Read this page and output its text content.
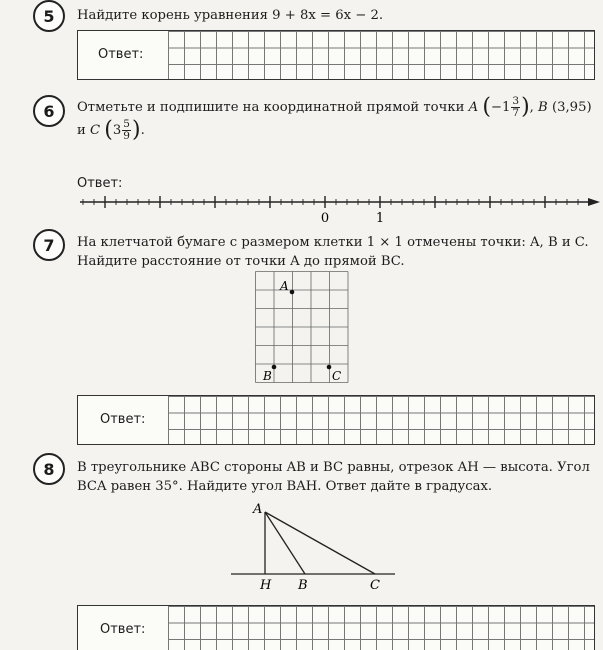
5	Найдите корень уравнения 9 + 8x = 6x − 2.
Ответ:
6	Отметьте и подпишите на координатной прямой точки A ($-1 \frac{3}{7}$ ), B (3,95)
и C ($3 \frac{5}{9}$ ).
Ответ:
0	1
7	На клетчатой бумаге с размером клетки 1 × 1 отмечены точки: A, B и C.
Найдите расстояние от точки A до прямой BC.
A
B	C
Ответ:
8	В треугольнике ABC стороны AB и BC равны, отрезок AH — высота. Угол
BCA равен 35°. Найдите угол BAH. Ответ дайте в градусах.
A
H B	C
Ответ:
